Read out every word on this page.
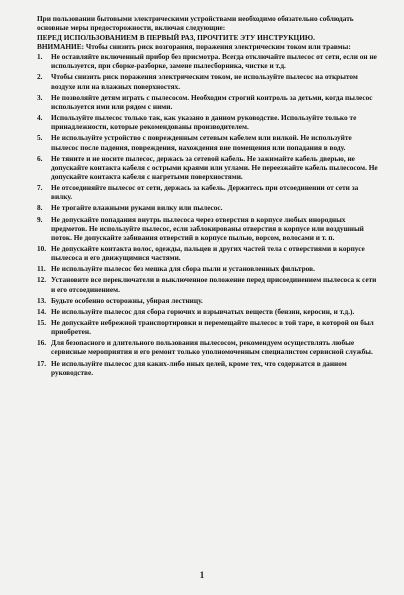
При пользовании бытовыми электрическими устройствами необходимо обязательно соблюдать основные меры предосторожности, включая следующие:

ПЕРЕД ИСПОЛЬЗОВАНИЕМ В ПЕРВЫЙ РАЗ, ПРОЧТИТЕ ЭТУ ИНСТРУКЦИЮ.

ВНИМАНИЕ: Чтобы снизить риск возгорания, поражения электрическим током или травмы:

1.	Не оставляйте включенный прибор без присмотра. Всегда отключайте пылесос от сети, если он не используется, при сборке-разборке, замене пылесборника, чистке и т.д.
2.	Чтобы снизить риск поражения электрическим током, не используйте пылесос на открытом воздухе или на влажных поверхностях.
3.	Не позволяйте детям играть с пылесосом. Необходим строгий контроль за детьми, когда пылесос используется ими или рядом с ними.
4.	Используйте пылесос только так, как указано в данном руководстве. Используйте только те принадлежности, которые рекомендованы производителем.
5.	Не используйте устройство с поврежденным сетевым кабелем или вилкой. Не используйте пылесос после падения, повреждения, нахождения вне помещения или попадания в воду.
6.	Не тяните и не носите пылесос, держась за сетевой кабель. Не зажимайте кабель дверью, не допускайте контакта кабеля с острыми краями или углами. Не переезжайте кабель пылесосом. Не допускайте контакта кабеля с нагретыми поверхностями.
7.	Не отсоединяйте пылесос от сети, держась за кабель. Держитесь при отсоединении от сети за вилку.
8.	Не трогайте влажными руками вилку или пылесос.
9.	Не допускайте попадания внутрь пылесоса через отверстия в корпусе любых инородных предметов. Не используйте пылесос, если заблокированы отверстия в корпусе или воздушный поток. Не допускайте забивания отверстий в корпусе пылью, ворсом, волосами и т. п.
10. Не допускайте контакта волос, одежды, пальцев и других частей тела с отверстиями в корпусе пылесоса и его движущимися частями.
11. Не используйте пылесос без мешка для сбора пыли и установленных фильтров.
12. Установите все переключатели в выключенное положение перед присоединением пылесоса к сети и его отсоединением.
13. Будьте особенно осторожны, убирая лестницу.
14. Не используйте пылесос для сбора горючих и взрывчатых веществ (бензин, керосин, и т.д.).
15. Не допускайте небрежной транспортировки и перемещайте пылесос в той таре, в которой он был приобретен.
16. Для безопасного и длительного пользования пылесосом, рекомендуем осуществлять любые сервисные мероприятия и его ремонт только уполномоченным специалистом сервисной службы.
17. Не используйте пылесос для каких-либо иных целей, кроме тех, что содержатся в данном руководстве.
1
